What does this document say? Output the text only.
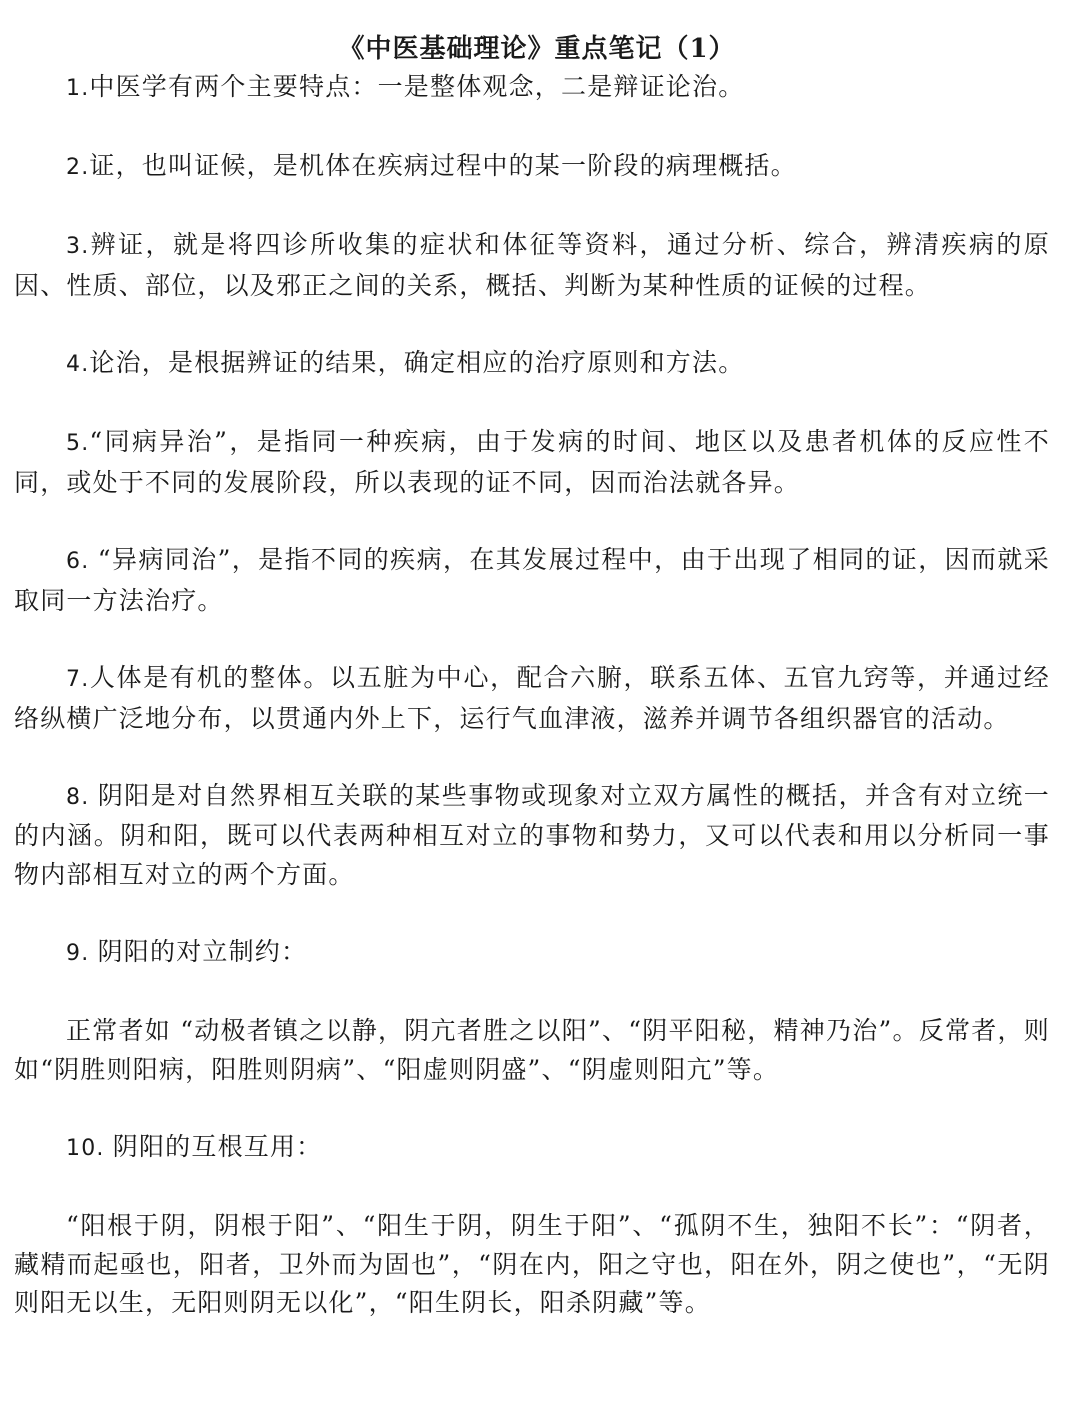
《中医基础理论》重点笔记（1）

1.中医学有两个主要特点：一是整体观念，二是辩证论治。

2.证，也叫证候，是机体在疾病过程中的某一阶段的病理概括。

3.辨证，就是将四诊所收集的症状和体征等资料，通过分析、综合，辨清疾病的原因、性质、部位，以及邪正之间的关系，概括、判断为某种性质的证候的过程。

4.论治，是根据辨证的结果，确定相应的治疗原则和方法。

5.“同病异治”，是指同一种疾病，由于发病的时间、地区以及患者机体的反应性不同，或处于不同的发展阶段，所以表现的证不同，因而治法就各异。

6. “异病同治”，是指不同的疾病，在其发展过程中，由于出现了相同的证，因而就采取同一方法治疗。

7.人体是有机的整体。以五脏为中心，配合六腑，联系五体、五官九窍等，并通过经络纵横广泛地分布，以贯通内外上下，运行气血津液，滋养并调节各组织器官的活动。

8. 阴阳是对自然界相互关联的某些事物或现象对立双方属性的概括，并含有对立统一的内涵。阴和阳，既可以代表两种相互对立的事物和势力，又可以代表和用以分析同一事物内部相互对立的两个方面。

9. 阴阳的对立制约：

正常者如 “动极者镇之以静，阴亢者胜之以阳”、“阴平阳秘，精神乃治”。反常者，则如“阴胜则阳病，阳胜则阴病”、“阳虚则阴盛”、“阴虚则阳亢”等。

10. 阴阳的互根互用：

“阳根于阴，阴根于阳”、“阳生于阴，阴生于阳”、“孤阴不生，独阳不长”：“阴者，藏精而起亟也，阳者，卫外而为固也”，“阴在内，阳之守也，阳在外，阴之使也”，“无阴则阳无以生，无阳则阴无以化”，“阳生阴长，阳杀阴藏”等。
